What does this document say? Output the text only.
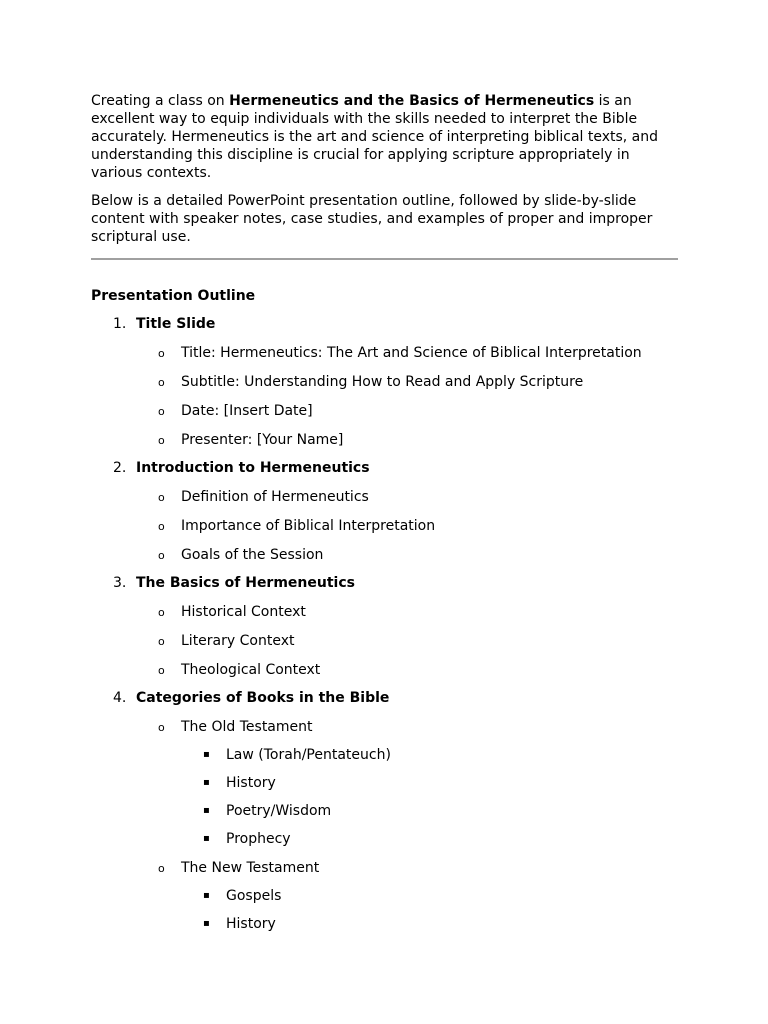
Creating a class on Hermeneutics and the Basics of Hermeneutics is an excellent way to equip individuals with the skills needed to interpret the Bible accurately. Hermeneutics is the art and science of interpreting biblical texts, and understanding this discipline is crucial for applying scripture appropriately in various contexts.

Below is a detailed PowerPoint presentation outline, followed by slide-by-slide content with speaker notes, case studies, and examples of proper and improper scriptural use.

Presentation Outline
1. Title Slide
o Title: Hermeneutics: The Art and Science of Biblical Interpretation
o Subtitle: Understanding How to Read and Apply Scripture
o Date: [Insert Date]
o Presenter: [Your Name]
2. Introduction to Hermeneutics
o Definition of Hermeneutics
o Importance of Biblical Interpretation
o Goals of the Session
3. The Basics of Hermeneutics
o Historical Context
o Literary Context
o Theological Context
4. Categories of Books in the Bible
o The Old Testament
▪ Law (Torah/Pentateuch)
▪ History
▪ Poetry/Wisdom
▪ Prophecy
o The New Testament
▪ Gospels
▪ History
